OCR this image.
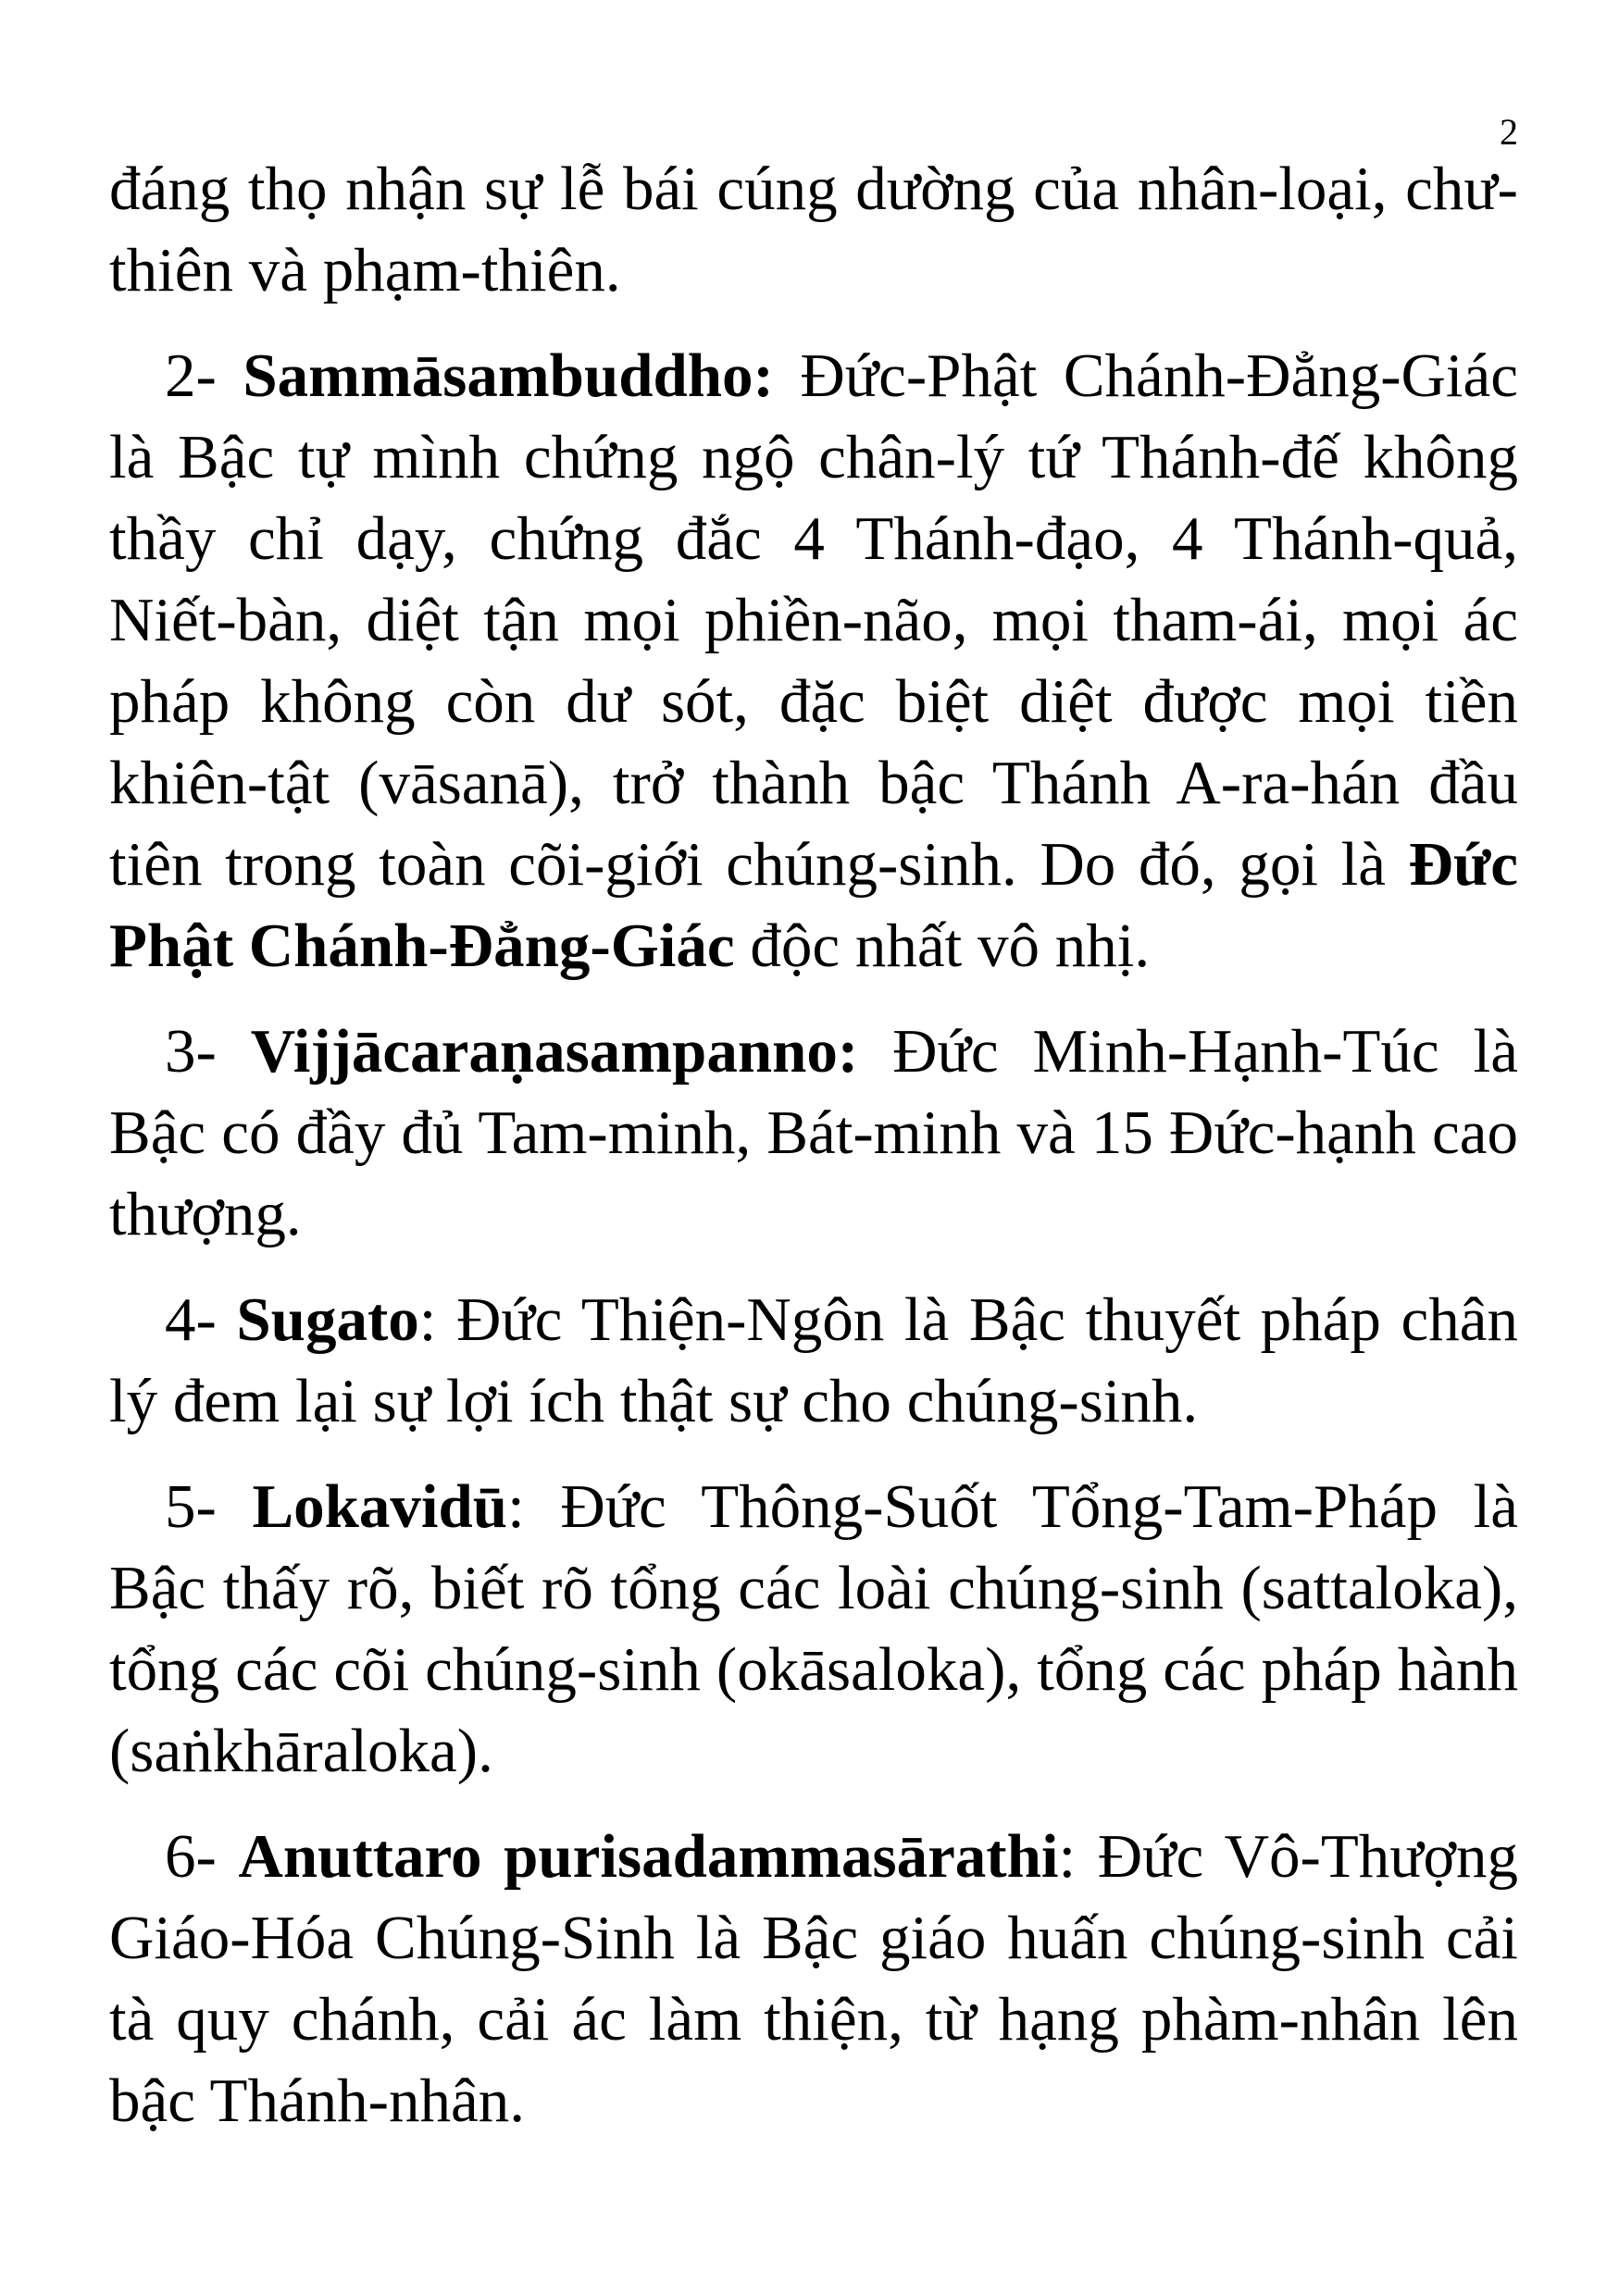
2

đáng thọ nhận sự lễ bái cúng dường của nhân-loại, chư-thiên và phạm-thiên.

2- Sammāsambuddho: Đức-Phật Chánh-Đẳng-Giác là Bậc tự mình chứng ngộ chân-lý tứ Thánh-đế không thầy chỉ dạy, chứng đắc 4 Thánh-đạo, 4 Thánh-quả, Niết-bàn, diệt tận mọi phiền-não, mọi tham-ái, mọi ác pháp không còn dư sót, đặc biệt diệt được mọi tiền khiên-tật (vāsanā), trở thành bậc Thánh A-ra-hán đầu tiên trong toàn cõi-giới chúng-sinh. Do đó, gọi là Đức Phật Chánh-Đẳng-Giác độc nhất vô nhị.

3- Vijjācaraṇasampanno: Đức Minh-Hạnh-Túc là Bậc có đầy đủ Tam-minh, Bát-minh và 15 Đức-hạnh cao thượng.

4- Sugato: Đức Thiện-Ngôn là Bậc thuyết pháp chân lý đem lại sự lợi ích thật sự cho chúng-sinh.

5- Lokavidū: Đức Thông-Suốt Tổng-Tam-Pháp là Bậc thấy rõ, biết rõ tổng các loài chúng-sinh (sattaloka), tổng các cõi chúng-sinh (okāsaloka), tổng các pháp hành (saṅkhāraloka).

6- Anuttaro purisadammasārathi: Đức Vô-Thượng Giáo-Hóa Chúng-Sinh là Bậc giáo huấn chúng-sinh cải tà quy chánh, cải ác làm thiện, từ hạng phàm-nhân lên bậc Thánh-nhân.
